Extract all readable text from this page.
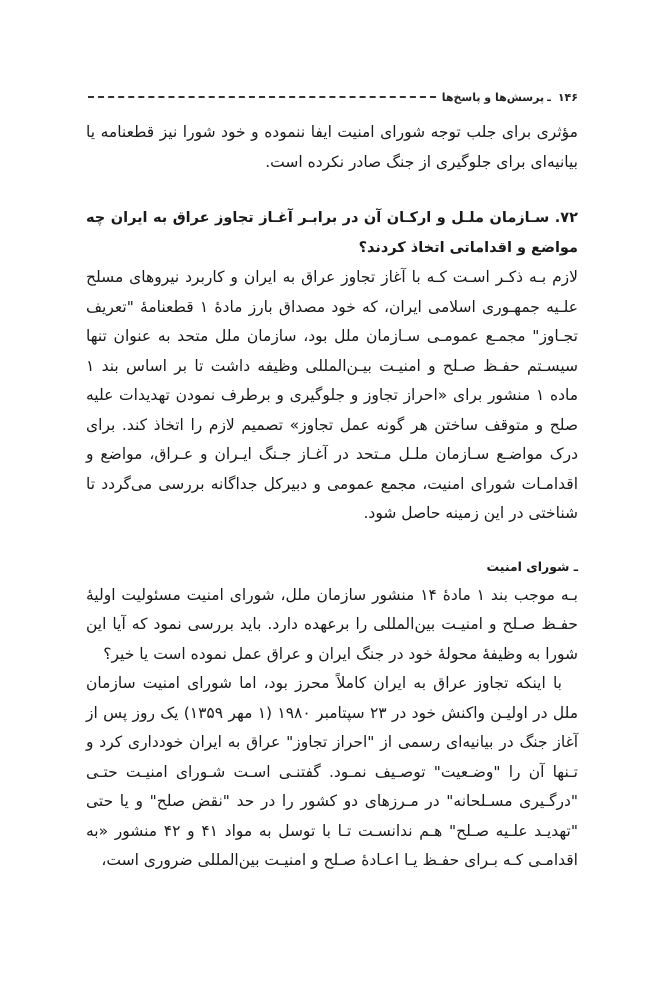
۱۴۶
ـ
پرسش‌ها و پاسخ‌ها

مؤثری برای جلب توجه شورای امنیت ایفا ننموده و خود شورا نیز قطعنامه یا بیانیه‌ای برای جلوگیری از جنگ صادر نکرده است.

۷۲. سـازمان ملـل و ارکـان آن در برابـر آغـاز تجاوز عراق به ایران چه مواضع و اقداماتی اتخاذ کردند؟

لازم بـه ذکـر اسـت کـه با آغاز تجاوز عراق به ایران و کاربرد نیروهای مسلح علـیه جمهـوری اسلامی ایران، که خود مصداق بارز مادهٔ ۱ قطعنامهٔ "تعریف تجـاوز" مجمـع عمومـی سـازمان ملل بود، سازمان ملل متحد به عنوان تنها سیسـتم حفـظ صـلح و امنیـت بیـن‌المللی وظیفه داشت تا بر اساس بند ۱ ماده ۱ منشور برای «احراز تجاوز و جلوگیری و برطرف نمودن تهدیدات علیه صلح و متوقف ساختن هر گونه عمل تجاوز» تصمیم لازم را اتخاذ کند. برای درک مواضـع سـازمان ملـل مـتحد در آغـاز جـنگ ایـران و عـراق، مواضع و اقدامـات شورای امنیت، مجمع عمومی و دبیرکل جداگانه بررسی می‌گردد تا شناختی در این زمینه حاصل شود.

ـ شورای امنیت

بـه موجب بند ۱ مادهٔ ۱۴ منشور سازمان ملل، شورای امنیت مسئولیت اولیهٔ حفـظ صـلح و امنیـت بین‌المللی را برعهده دارد. باید بررسی نمود که آیا این شورا به وظیفهٔ محولهٔ خود در جنگ ایران و عراق عمل نموده است یا خیر؟

با اینکه تجاوز عراق به ایران کاملاً محرز بود، اما شورای امنیت سازمان ملل در اولیـن واکنش خود در ۲۳ سپتامبر ۱۹۸۰ (۱ مهر ۱۳۵۹) یک روز پس از آغاز جنگ در بیانیه‌ای رسمی از "احراز تجاوز" عراق به ایران خودداری کرد و تـنها آن را "وضـعیت" توصـیف نمـود. گفتنـی اسـت شـورای امنیـت حتـی "درگـیری مسـلحانه" در مـرزهای دو کشور را در حد "نقض صلح" و یا حتی "تهدیـد علـیه صـلح" هـم ندانسـت تـا با توسل به مواد ۴۱ و ۴۲ منشور «به اقدامـی کـه بـرای حفـظ یـا اعـادهٔ صـلح و امنیـت بین‌المللی ضروری است،
